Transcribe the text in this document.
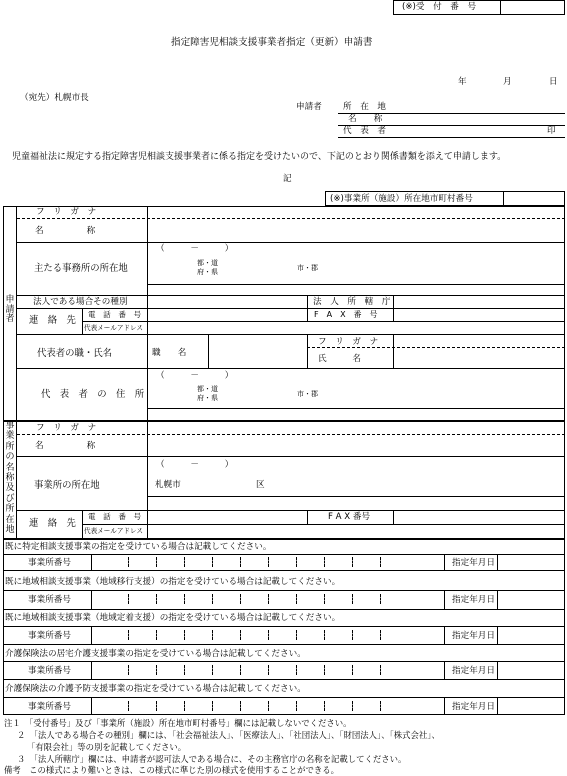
(※)受　付　番　号
指定障害児相談支援事業者指定（更新）申請書
年	月	日
（宛先）札幌市長
申請者 所　在　地
名　　称
代　表　者	印
児童福祉法に規定する指定障害児相談支援事業者に係る指定を受けたいので、下記のとおり関係書類を添えて申請します。
記
(※)事業所（施設）所在地市町村番号
申
請
者
フ　リ　ガ　ナ
名　　　　　称
主たる事務所の所在地
（　　　－　　　）
都・道
府・県	市・郡
法人である場合その種別	法　人　所　轄　庁
連　絡　先
電　話　番　号	F　A　X　番　号
代表メールアドレス
代表者の職・氏名	職　　名
フ　リ　ガ　ナ
氏　　　名
代　表　者　の　住　所
（　　　－　　　）
都・道
府・県	市・郡
事
業
所
の
名
称
及
び
所
在
地
フ　リ　ガ　ナ
名　　　　　称
事業所の所在地
（　　　－　　　）
札幌市	区
連　絡　先
電　話　番　号	F A X 番号
代表メールアドレス
既に特定相談支援事業の指定を受けている場合は記載してください。
事業所番号	指定年月日
既に地域相談支援事業（地域移行支援）の指定を受けている場合は記載してください。
事業所番号	指定年月日
既に地域相談支援事業（地域定着支援）の指定を受けている場合は記載してください。
事業所番号	指定年月日
介護保険法の居宅介護支援事業の指定を受けている場合は記載してください。
事業所番号	指定年月日
介護保険法の介護予防支援事業の指定を受けている場合は記載してください。
事業所番号	指定年月日
注１　「受付番号」及び「事業所（施設）所在地市町村番号」欄には記載しないでください。
２　「法人である場合その種別」欄には、「社会福祉法人」、「医療法人」、「社団法人」、「財団法人」、「株式会社」、
「有限会社」等の別を記載してください。
３　「法人所轄庁」欄には、申請者が認可法人である場合に、その主務官庁の名称を記載してください。
備考　この様式により難いときは、この様式に準じた別の様式を使用することができる。
